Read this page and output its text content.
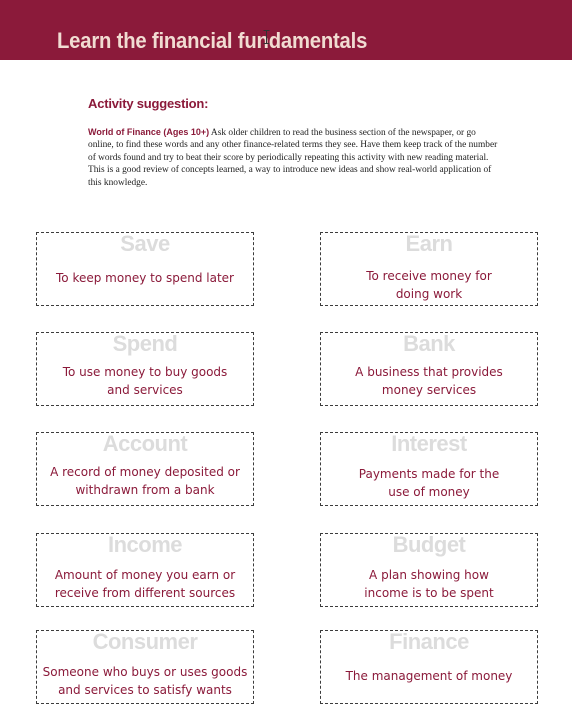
Learn the financial fundamentals
Activity suggestion:
World of Finance (Ages 10+) Ask older children to read the business section of the newspaper, or go online, to find these words and any other finance-related terms they see. Have them keep track of the number of words found and try to beat their score by periodically repeating this activity with new reading material. This is a good review of concepts learned, a way to introduce new ideas and show real-world application of this knowledge.
Save
To keep money to spend later
Earn
To receive money for doing work
Spend
To use money to buy goods and services
Bank
A business that provides money services
Account
A record of money deposited or withdrawn from a bank
Interest
Payments made for the use of money
Income
Amount of money you earn or receive from different sources
Budget
A plan showing how income is to be spent
Consumer
Someone who buys or uses goods and services to satisfy wants
Finance
The management of money
